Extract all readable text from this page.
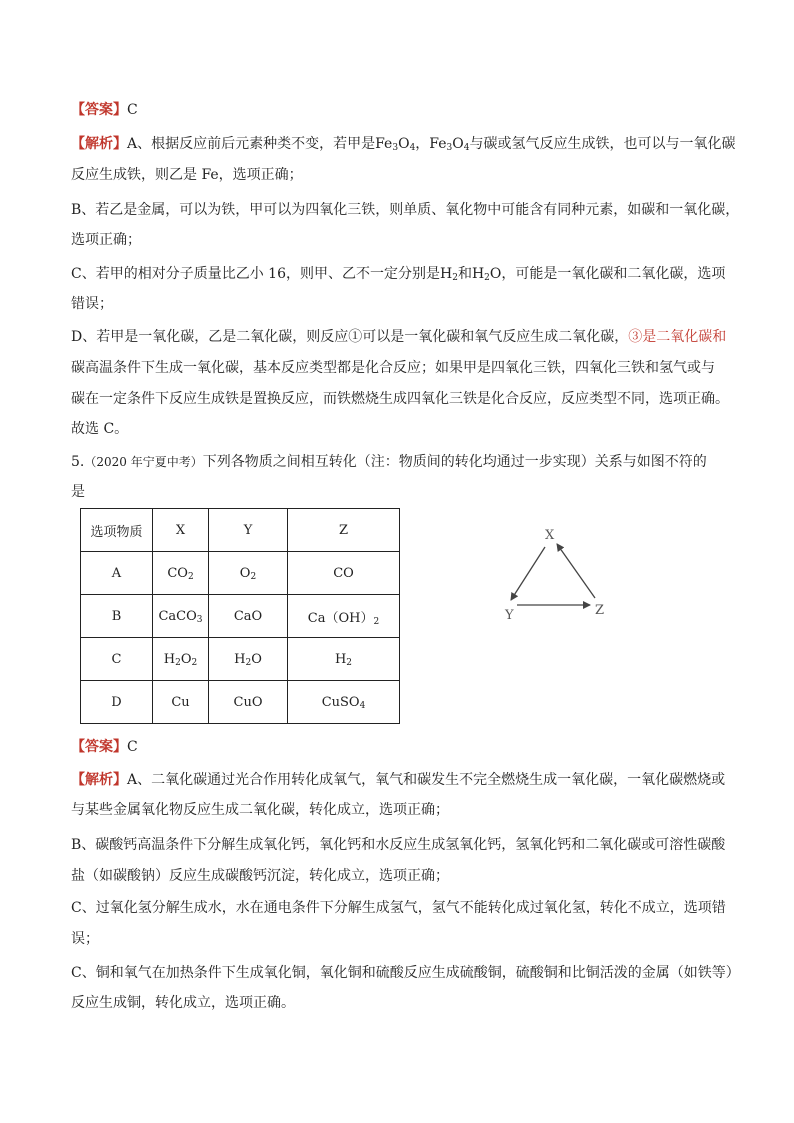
【答案】C
【解析】A、根据反应前后元素种类不变，若甲是$Fe_3O_4$，$Fe_3O_4$与碳或氢气反应生成铁，也可以与一氧化碳
反应生成铁，则乙是 Fe，选项正确；
B、若乙是金属，可以为铁，甲可以为四氧化三铁，则单质、氧化物中可能含有同种元素，如碳和一氧化碳，
选项正确；
C、若甲的相对分子质量比乙小 16，则甲、乙不一定分别是$H_2$和$H_2O$，可能是一氧化碳和二氧化碳，选项
错误；
D、若甲是一氧化碳，乙是二氧化碳，则反应①可以是一氧化碳和氧气反应生成二氧化碳，③是二氧化碳和
碳高温条件下生成一氧化碳，基本反应类型都是化合反应；如果甲是四氧化三铁，四氧化三铁和氢气或与
碳在一定条件下反应生成铁是置换反应，而铁燃烧生成四氧化三铁是化合反应，反应类型不同，选项正确。
故选 C。
5.（2020 年宁夏中考）下列各物质之间相互转化（注：物质间的转化均通过一步实现）关系与如图不符的
是
选项物质	X	Y	Z
A	$CO_2$	$O_2$	CO
B	CaCO$_3$	CaO	$Ca(OH)_2$
C	$H_2O_2$	$H_2O$	$H_2$
D	Cu	CuO	CuSO$_4$
X
Y	Z
【答案】C
【解析】A、二氧化碳通过光合作用转化成氧气，氧气和碳发生不完全燃烧生成一氧化碳，一氧化碳燃烧或
与某些金属氧化物反应生成二氧化碳，转化成立，选项正确；
B、碳酸钙高温条件下分解生成氧化钙，氧化钙和水反应生成氢氧化钙，氢氧化钙和二氧化碳或可溶性碳酸
盐（如碳酸钠）反应生成碳酸钙沉淀，转化成立，选项正确；
C、过氧化氢分解生成水，水在通电条件下分解生成氢气，氢气不能转化成过氧化氢，转化不成立，选项错
误；
C、铜和氧气在加热条件下生成氧化铜，氧化铜和硫酸反应生成硫酸铜，硫酸铜和比铜活泼的金属（如铁等）
反应生成铜，转化成立，选项正确。
